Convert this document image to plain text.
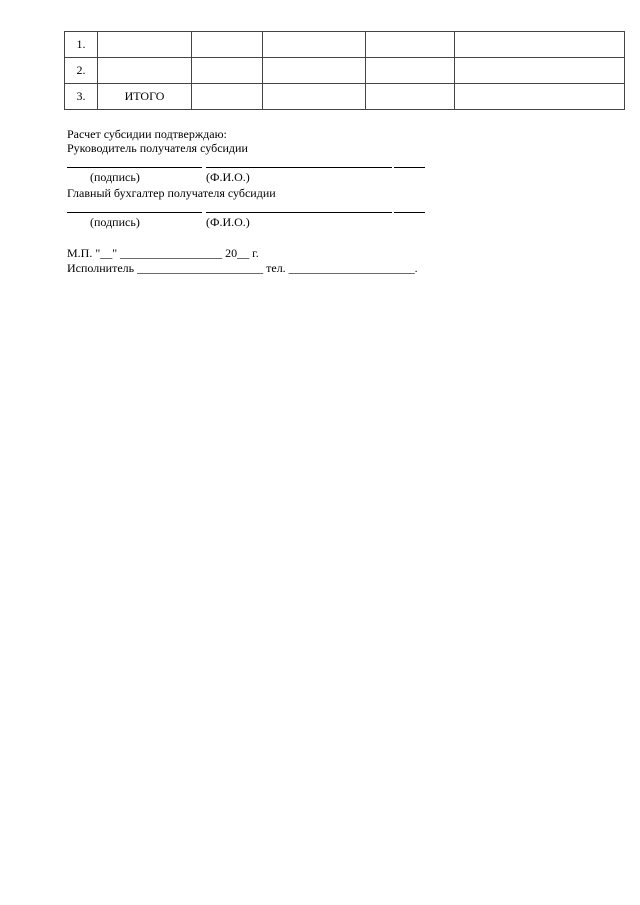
1.					
2.					
3.	ИТОГО				
Расчет субсидии подтверждаю:
Руководитель получателя субсидии
(подпись)	(Ф.И.О.)
Главный бухгалтер получателя субсидии
(подпись)	(Ф.И.О.)
М.П. "__" _________________ 20__ г.
Исполнитель _____________________ тел. _____________________.
